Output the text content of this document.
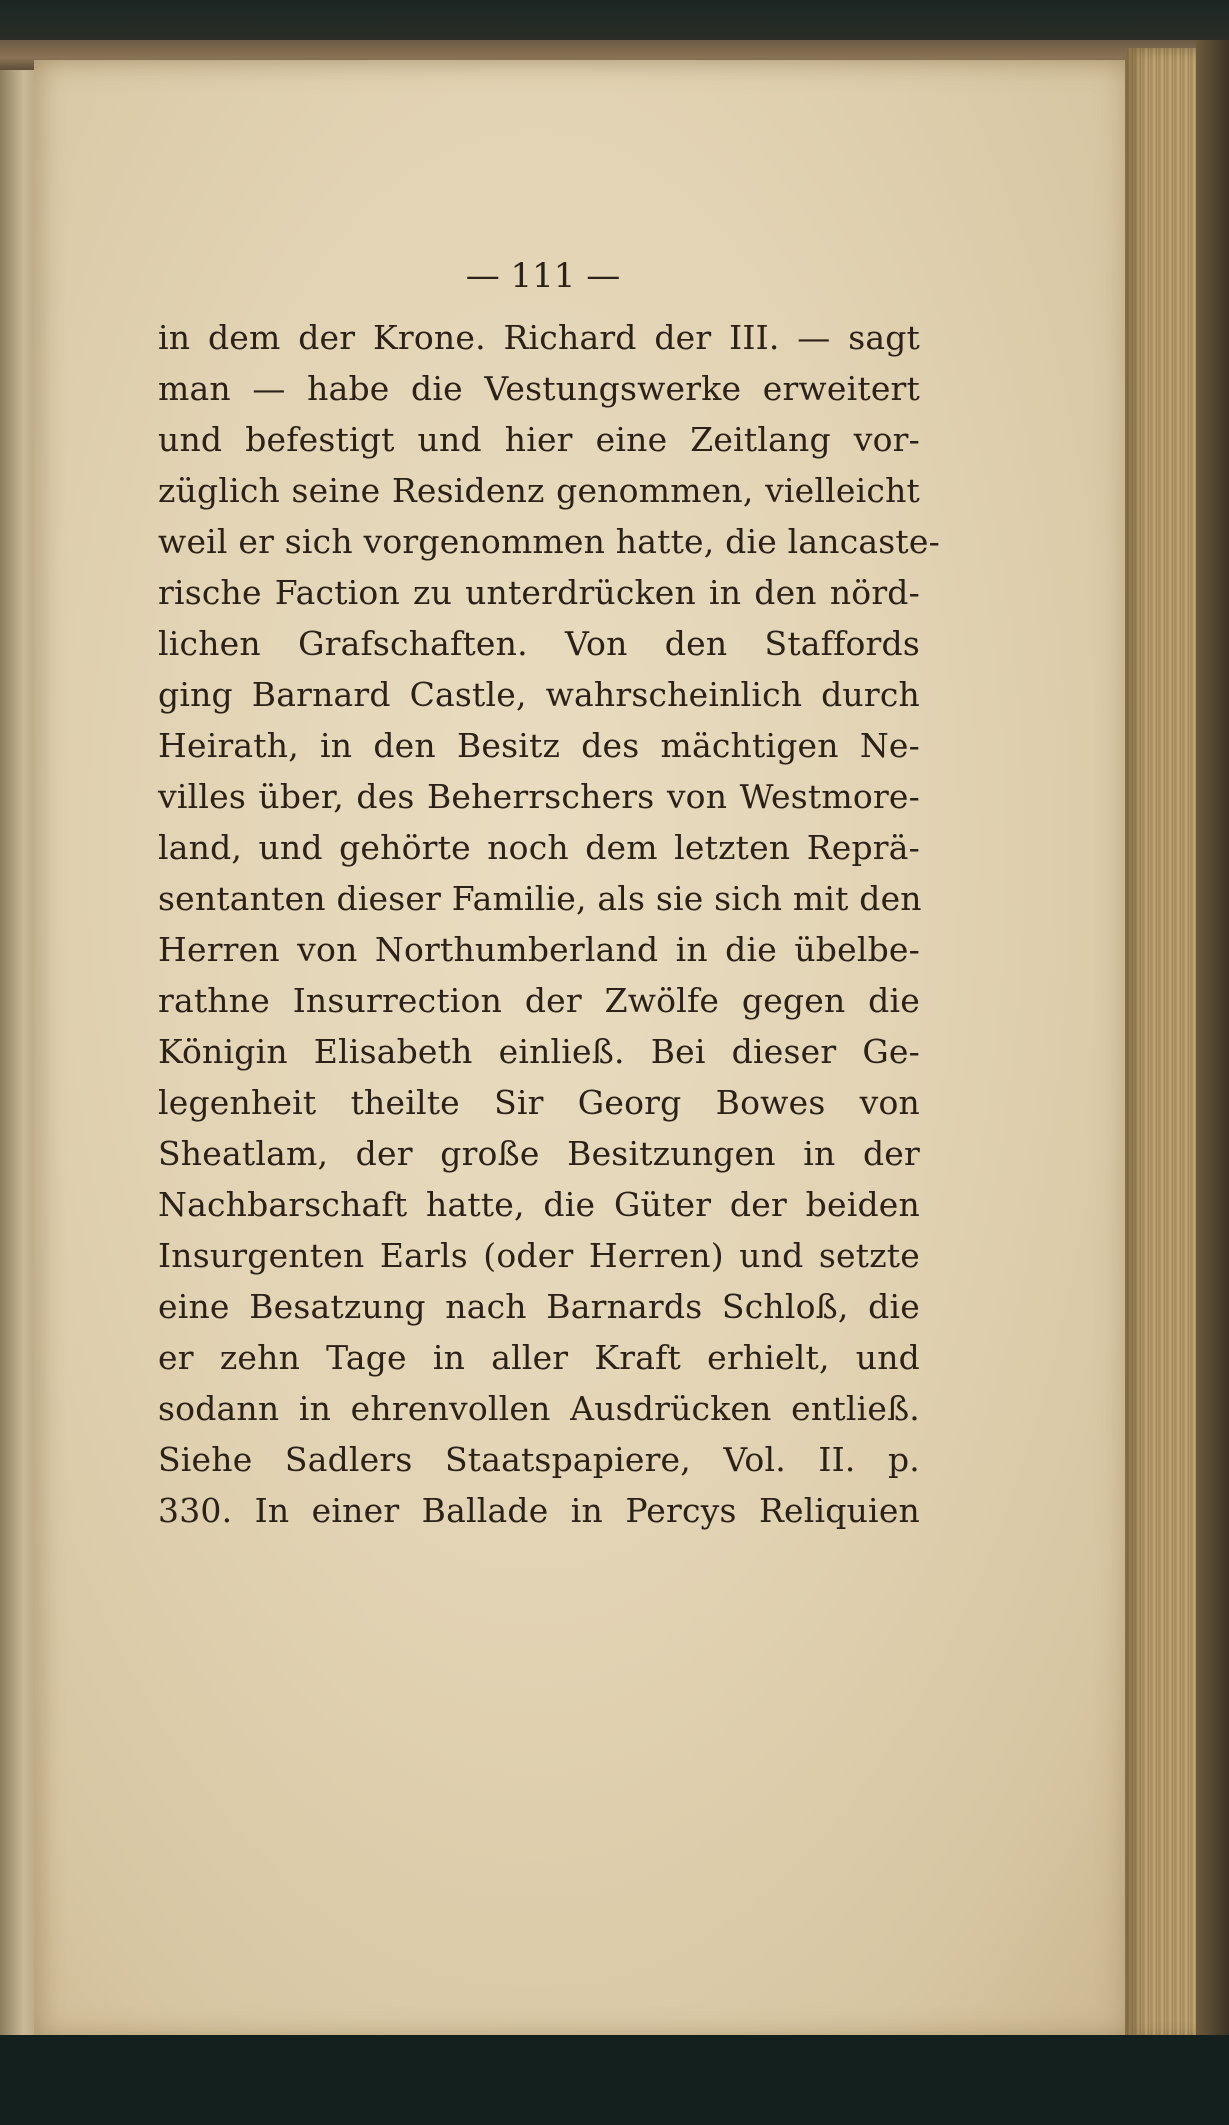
— 111 —
in dem der Krone. Richard der III. — sagt
man — habe die Vestungswerke erweitert
und befestigt und hier eine Zeitlang vor-
züglich seine Residenz genommen, vielleicht
weil er sich vorgenommen hatte, die lancaste-
rische Faction zu unterdrücken in den nörd-
lichen Grafschaften. Von den Staffords
ging Barnard Castle, wahrscheinlich durch
Heirath, in den Besitz des mächtigen Ne-
villes über, des Beherrschers von Westmore-
land, und gehörte noch dem letzten Reprä-
sentanten dieser Familie, als sie sich mit den
Herren von Northumberland in die übelbe-
rathne Insurrection der Zwölfe gegen die
Königin Elisabeth einließ. Bei dieser Ge-
legenheit theilte Sir Georg Bowes von
Sheatlam, der große Besitzungen in der
Nachbarschaft hatte, die Güter der beiden
Insurgenten Earls (oder Herren) und setzte
eine Besatzung nach Barnards Schloß, die
er zehn Tage in aller Kraft erhielt, und
sodann in ehrenvollen Ausdrücken entließ.
Siehe Sadlers Staatspapiere, Vol. II. p.
330. In einer Ballade in Percys Reliquien
